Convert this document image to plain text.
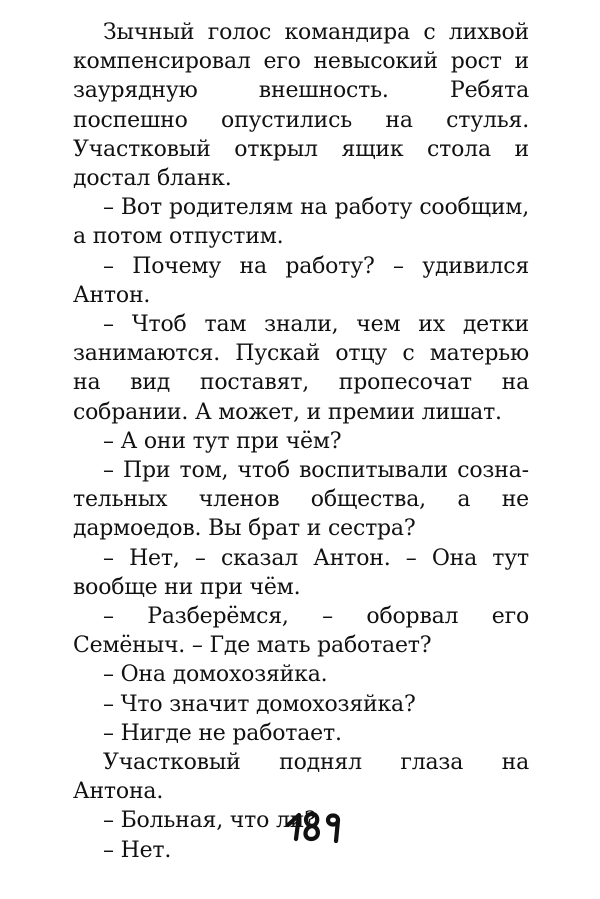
Зычный голос командира с лихвой компенсировал его невысокий рост и заурядную внешность. Ребята поспешно опустились на стулья. Участковый открыл ящик стола и достал бланк.

– Вот родителям на работу сообщим, а потом отпустим.

– Почему на работу? – удивился Антон.

– Чтоб там знали, чем их детки занимаются. Пускай отцу с матерью на вид поставят, пропесочат на собрании. А может, и премии лишат.

– А они тут при чём?

– При том, чтоб воспитывали сознательных членов общества, а не дармоедов. Вы брат и сестра?

– Нет, – сказал Антон. – Она тут вообще ни при чём.

– Разберёмся, – оборвал его Семёныч. – Где мать работает?

– Она домохозяйка.

– Что значит домохозяйка?

– Нигде не работает.

Участковый поднял глаза на Антона.

– Больная, что ли?

– Нет.
